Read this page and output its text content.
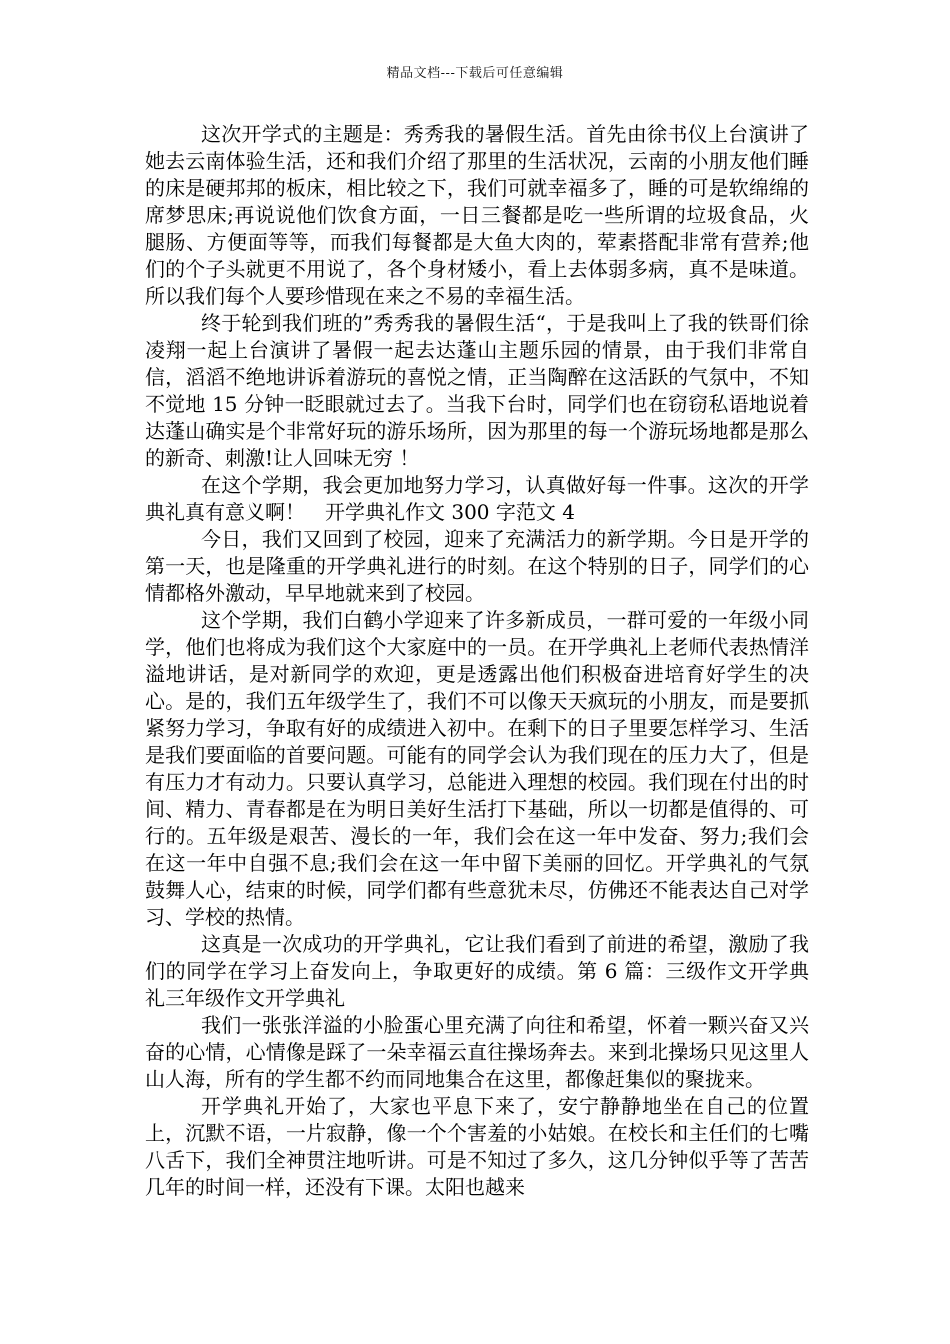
精品文档---下载后可任意编辑

这次开学式的主题是：秀秀我的暑假生活。首先由徐书仪上台演讲了她去云南体验生活，还和我们介绍了那里的生活状况，云南的小朋友他们睡的床是硬邦邦的板床，相比较之下，我们可就幸福多了，睡的可是软绵绵的席梦思床;再说说他们饮食方面，一日三餐都是吃一些所谓的垃圾食品，火腿肠、方便面等等，而我们每餐都是大鱼大肉的，荤素搭配非常有营养;他们的个子头就更不用说了，各个身材矮小，看上去体弱多病，真不是味道。所以我们每个人要珍惜现在来之不易的幸福生活。

终于轮到我们班的”秀秀我的暑假生活“，于是我叫上了我的铁哥们徐凌翔一起上台演讲了暑假一起去达蓬山主题乐园的情景，由于我们非常自信，滔滔不绝地讲诉着游玩的喜悦之情，正当陶醉在这活跃的气氛中，不知不觉地 15 分钟一眨眼就过去了。当我下台时，同学们也在窃窃私语地说着达蓬山确实是个非常好玩的游乐场所，因为那里的每一个游玩场地都是那么的新奇、刺激!让人回味无穷 ！

在这个学期，我会更加地努力学习，认真做好每一件事。这次的开学典礼真有意义啊！　开学典礼作文 300 字范文 4

今日，我们又回到了校园，迎来了充满活力的新学期。今日是开学的第一天，也是隆重的开学典礼进行的时刻。在这个特别的日子，同学们的心情都格外激动，早早地就来到了校园。

这个学期，我们白鹤小学迎来了许多新成员，一群可爱的一年级小同学，他们也将成为我们这个大家庭中的一员。在开学典礼上老师代表热情洋溢地讲话，是对新同学的欢迎，更是透露出他们积极奋进培育好学生的决心。是的，我们五年级学生了，我们不可以像天天疯玩的小朋友，而是要抓紧努力学习，争取有好的成绩进入初中。在剩下的日子里要怎样学习、生活是我们要面临的首要问题。可能有的同学会认为我们现在的压力大了，但是有压力才有动力。只要认真学习，总能进入理想的校园。我们现在付出的时间、精力、青春都是在为明日美好生活打下基础，所以一切都是值得的、可行的。五年级是艰苦、漫长的一年，我们会在这一年中发奋、努力;我们会在这一年中自强不息;我们会在这一年中留下美丽的回忆。开学典礼的气氛鼓舞人心，结束的时候，同学们都有些意犹未尽，仿佛还不能表达自己对学习、学校的热情。

这真是一次成功的开学典礼，它让我们看到了前进的希望，激励了我们的同学在学习上奋发向上，争取更好的成绩。第 6 篇：三级作文开学典礼三年级作文开学典礼

我们一张张洋溢的小脸蛋心里充满了向往和希望，怀着一颗兴奋又兴奋的心情，心情像是踩了一朵幸福云直往操场奔去。来到北操场只见这里人山人海，所有的学生都不约而同地集合在这里，都像赶集似的聚拢来。

开学典礼开始了，大家也平息下来了，安宁静静地坐在自己的位置上，沉默不语，一片寂静，像一个个害羞的小姑娘。在校长和主任们的七嘴八舌下，我们全神贯注地听讲。可是不知过了多久，这几分钟似乎等了苦苦几年的时间一样，还没有下课。太阳也越来
